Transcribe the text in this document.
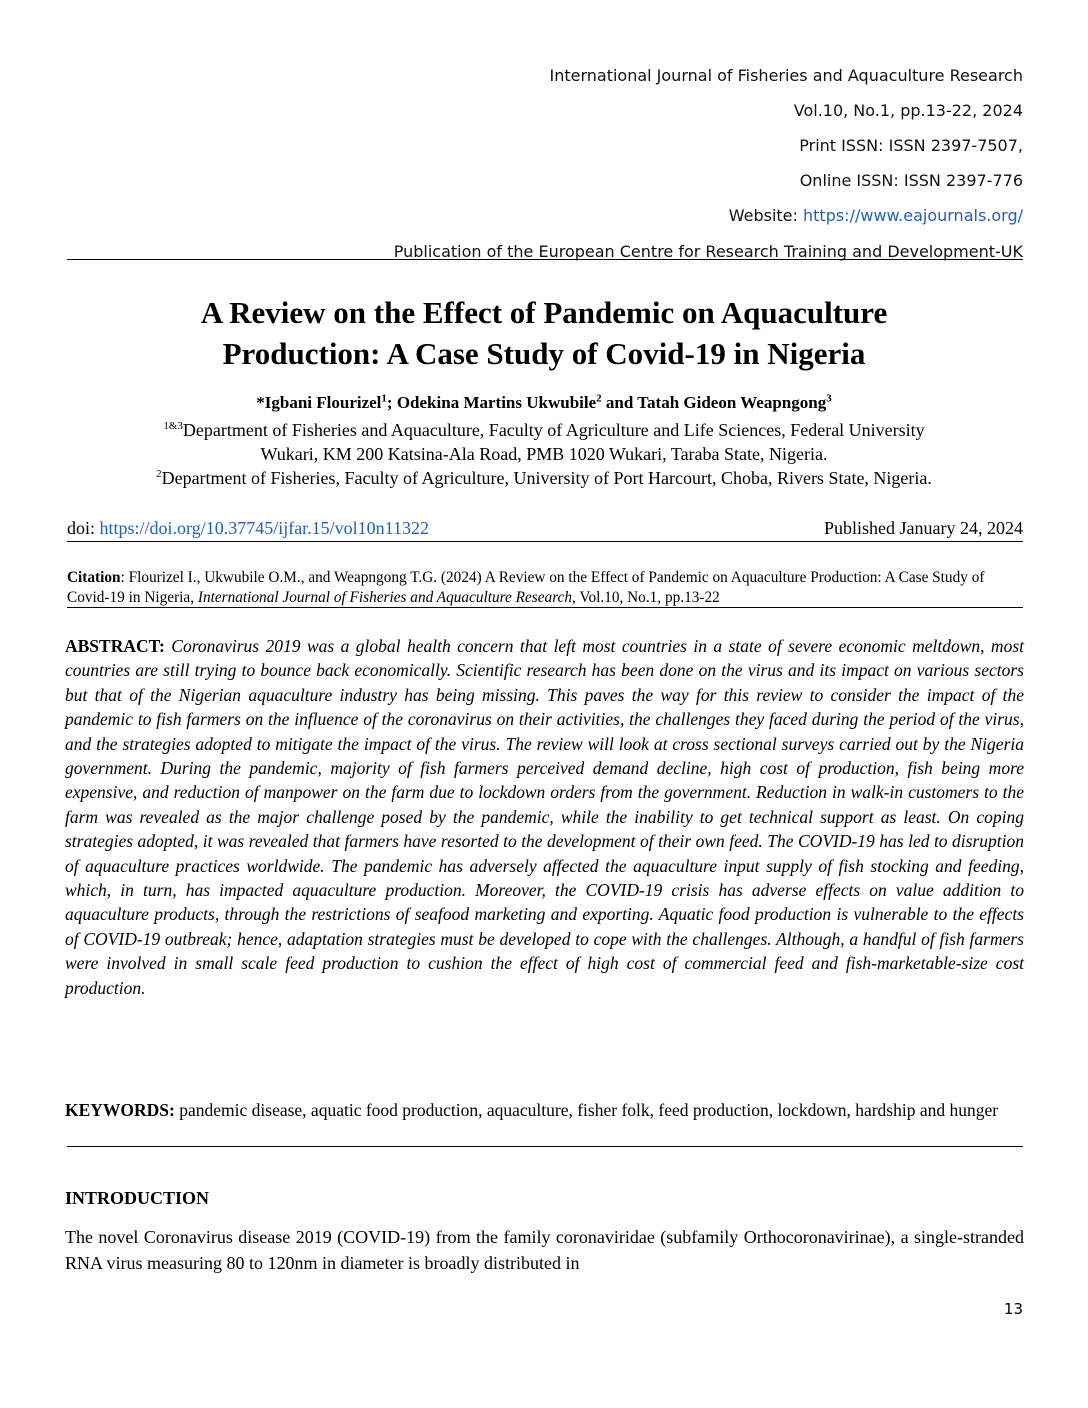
International Journal of Fisheries and Aquaculture Research
Vol.10, No.1, pp.13-22, 2024
Print ISSN: ISSN 2397-7507,
Online ISSN: ISSN 2397-776
Website: https://www.eajournals.org/
Publication of the European Centre for Research Training and Development-UK
A Review on the Effect of Pandemic on Aquaculture
Production: A Case Study of Covid-19 in Nigeria
*Igbani Flourizel$^1$; Odekina Martins Ukwubile$^2$ and Tatah Gideon Weapngong$^3$
$^{1\&3}$Department of Fisheries and Aquaculture, Faculty of Agriculture and Life Sciences, Federal University
Wukari, KM 200 Katsina-Ala Road, PMB 1020 Wukari, Taraba State, Nigeria.
$^2$Department of Fisheries, Faculty of Agriculture, University of Port Harcourt, Choba, Rivers State, Nigeria.
doi: https://doi.org/10.37745/ijfar.15/vol10n11322	Published January 24, 2024
Citation: Flourizel I., Ukwubile O.M., and Weapngong T.G. (2024) A Review on the Effect of Pandemic on Aquaculture Production: A Case Study of Covid-19 in Nigeria, International Journal of Fisheries and Aquaculture Research, Vol.10, No.1, pp.13-22
ABSTRACT: Coronavirus 2019 was a global health concern that left most countries in a state of severe economic meltdown, most countries are still trying to bounce back economically. Scientific research has been done on the virus and its impact on various sectors but that of the Nigerian aquaculture industry has being missing. This paves the way for this review to consider the impact of the pandemic to fish farmers on the influence of the coronavirus on their activities, the challenges they faced during the period of the virus, and the strategies adopted to mitigate the impact of the virus. The review will look at cross sectional surveys carried out by the Nigeria government. During the pandemic, majority of fish farmers perceived demand decline, high cost of production, fish being more expensive, and reduction of manpower on the farm due to lockdown orders from the government. Reduction in walk-in customers to the farm was revealed as the major challenge posed by the pandemic, while the inability to get technical support as least. On coping strategies adopted, it was revealed that farmers have resorted to the development of their own feed. The COVID-19 has led to disruption of aquaculture practices worldwide. The pandemic has adversely affected the aquaculture input supply of fish stocking and feeding, which, in turn, has impacted aquaculture production. Moreover, the COVID-19 crisis has adverse effects on value addition to aquaculture products, through the restrictions of seafood marketing and exporting. Aquatic food production is vulnerable to the effects of COVID-19 outbreak; hence, adaptation strategies must be developed to cope with the challenges. Although, a handful of fish farmers were involved in small scale feed production to cushion the effect of high cost of commercial feed and fish-marketable-size cost production.
KEYWORDS: pandemic disease, aquatic food production, aquaculture, fisher folk, feed production, lockdown, hardship and hunger
INTRODUCTION
The novel Coronavirus disease 2019 (COVID-19) from the family coronaviridae (subfamily Orthocoronavirinae), a single-stranded RNA virus measuring 80 to 120nm in diameter is broadly distributed in
13
